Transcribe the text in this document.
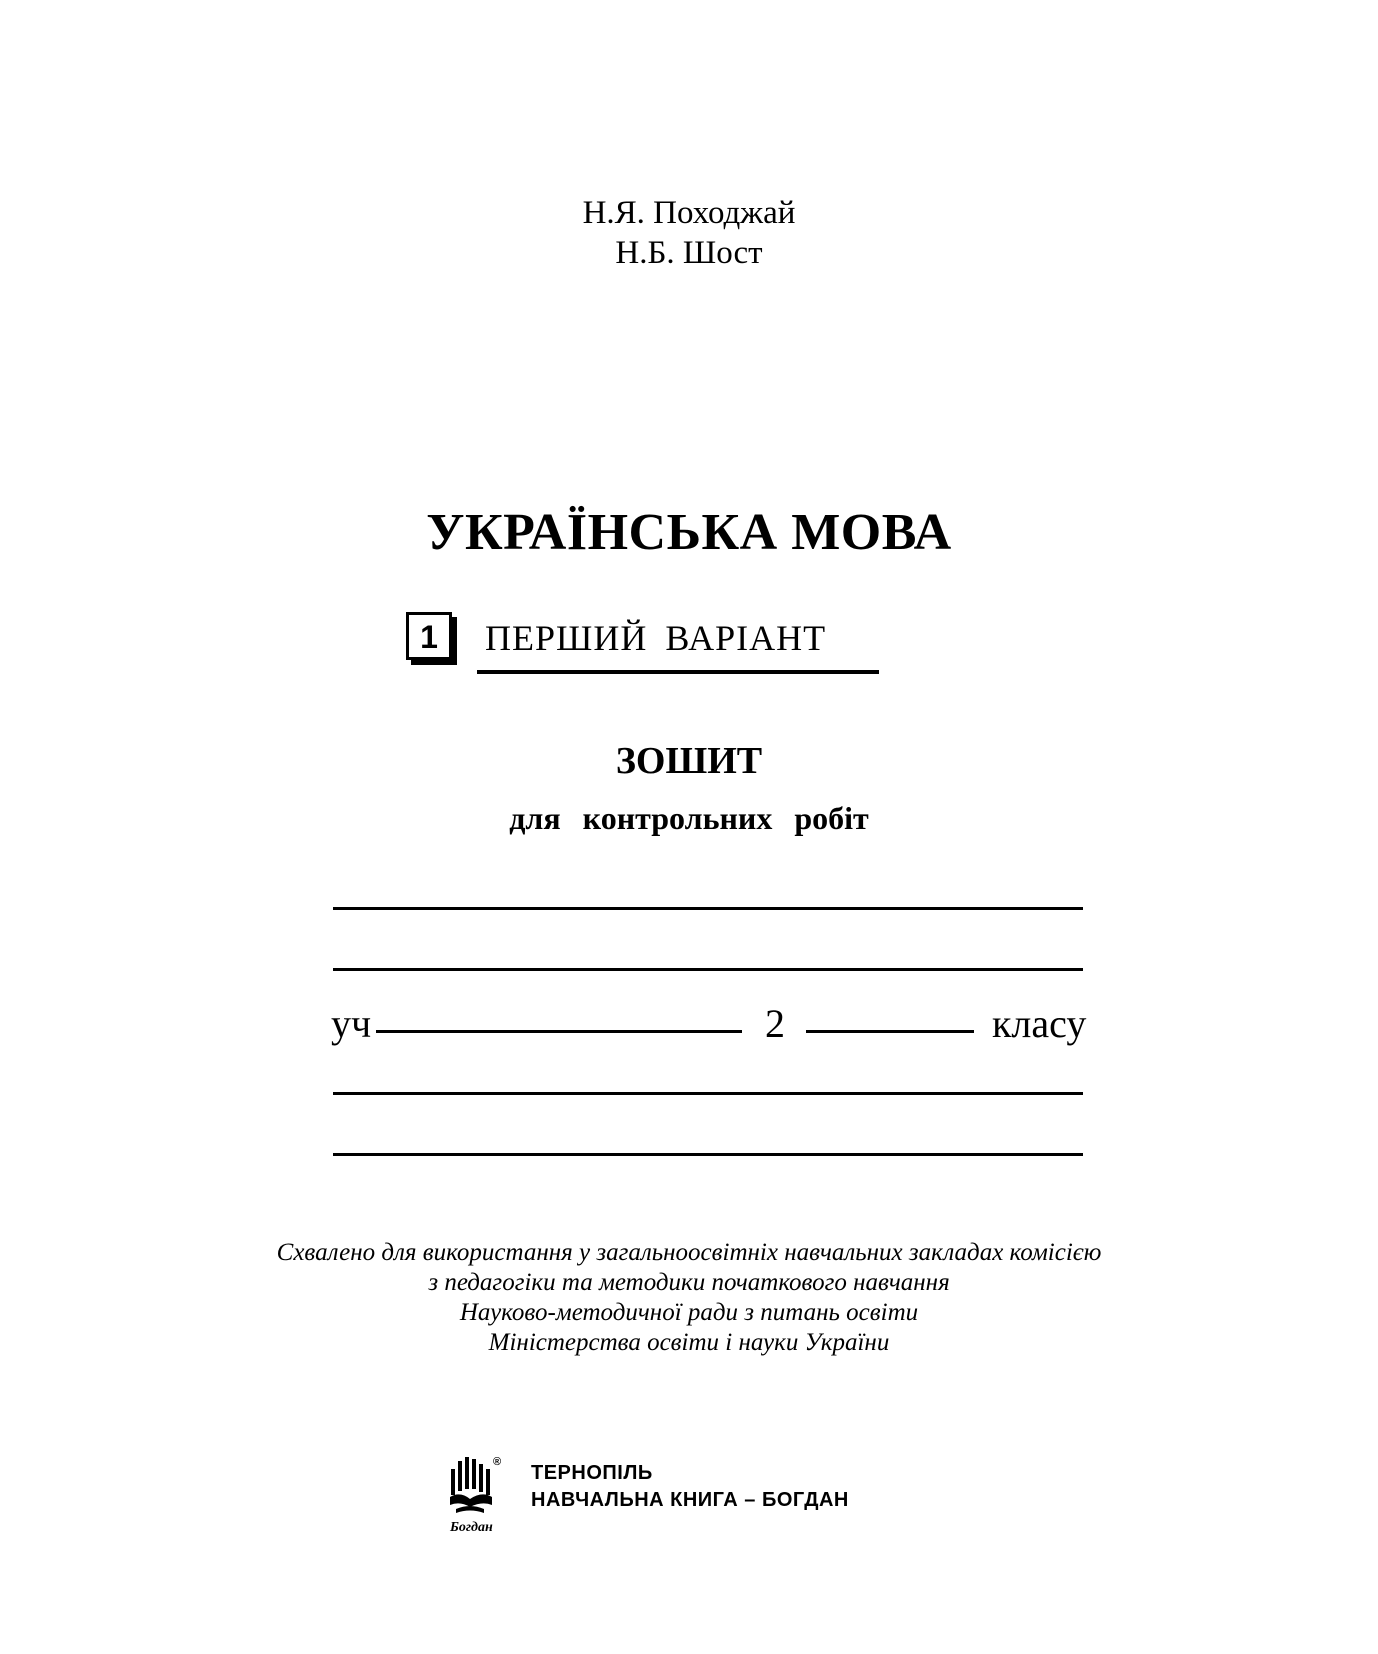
Н.Я. Походжай
Н.Б. Шост
УКРАЇНСЬКА МОВА
1	ПЕРШИЙ ВАРІАНТ
ЗОШИТ
для контрольних робіт
уч	2	класу
Схвалено для використання у загальноосвітніх навчальних закладах комісією
з педагогіки та методики початкового навчання
Науково-методичної ради з питань освіти
Міністерства освіти і науки України
®
Богдан
ТЕРНОПІЛЬ
НАВЧАЛЬНА КНИГА – БОГДАН
